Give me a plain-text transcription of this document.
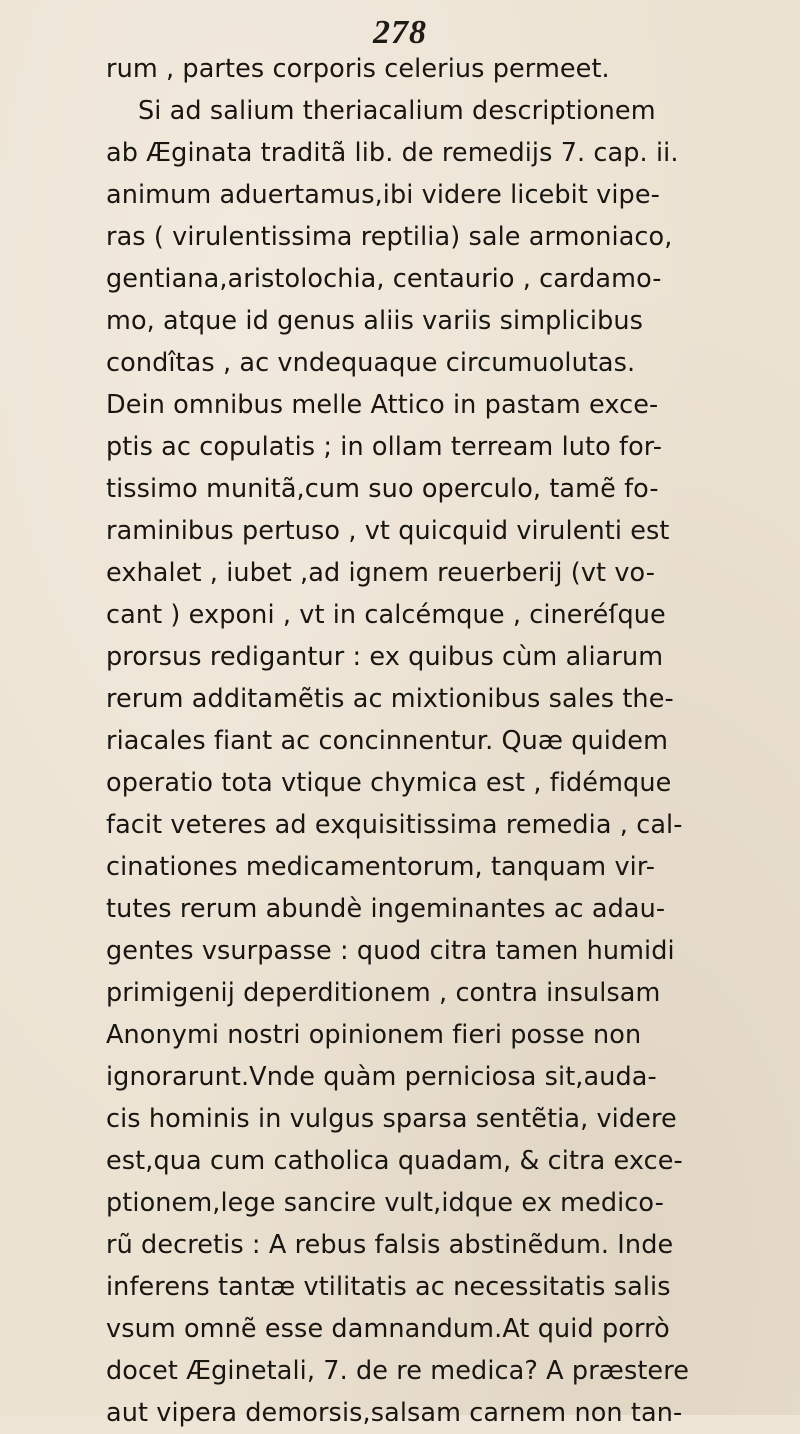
278
rum , partes corporis celerius permeet.
Si ad salium theriacalium descriptionem
ab Æginata traditã lib. de remedijs 7. cap. ii.
animum aduertamus,ibi videre licebit vipe-
ras ( virulentissima reptilia) sale armoniaco,
gentiana,aristolochia, centaurio , cardamo-
mo, atque id genus aliis variis simplicibus
condîtas , ac vndequaque circumuolutas.
Dein omnibus melle Attico in pastam exce-
ptis ac copulatis ; in ollam terream luto for-
tissimo munitã,cum suo operculo, tamẽ fo-
raminibus pertuso , vt quicquid virulenti est
exhalet , iubet ,ad ignem reuerberij (vt vo-
cant ) exponi , vt in calcémque , cineréſque
prorsus redigantur : ex quibus cùm aliarum
rerum additamẽtis ac mixtionibus sales the-
riacales fiant ac concinnentur. Quæ quidem
operatio tota vtique chymica est , fidémque
facit veteres ad exquisitissima remedia , cal-
cinationes medicamentorum, tanquam vir-
tutes rerum abundè ingeminantes ac adau-
gentes vsurpasse : quod citra tamen humidi
primigenij deperditionem , contra insulsam
Anonymi nostri opinionem fieri posse non
ignorarunt.Vnde quàm perniciosa sit,auda-
cis hominis in vulgus sparsa sentẽtia, videre
est,qua cum catholica quadam, & citra exce-
ptionem,lege sancire vult,idque ex medico-
rũ decretis : A rebus falsis abstinẽdum. Inde
inferens tantæ vtilitatis ac necessitatis salis
vsum omnẽ esse damnandum.At quid porrò
docet Æginetali, 7. de re medica? A præstere
aut vipera demorsis,salsam carnem non tan-
